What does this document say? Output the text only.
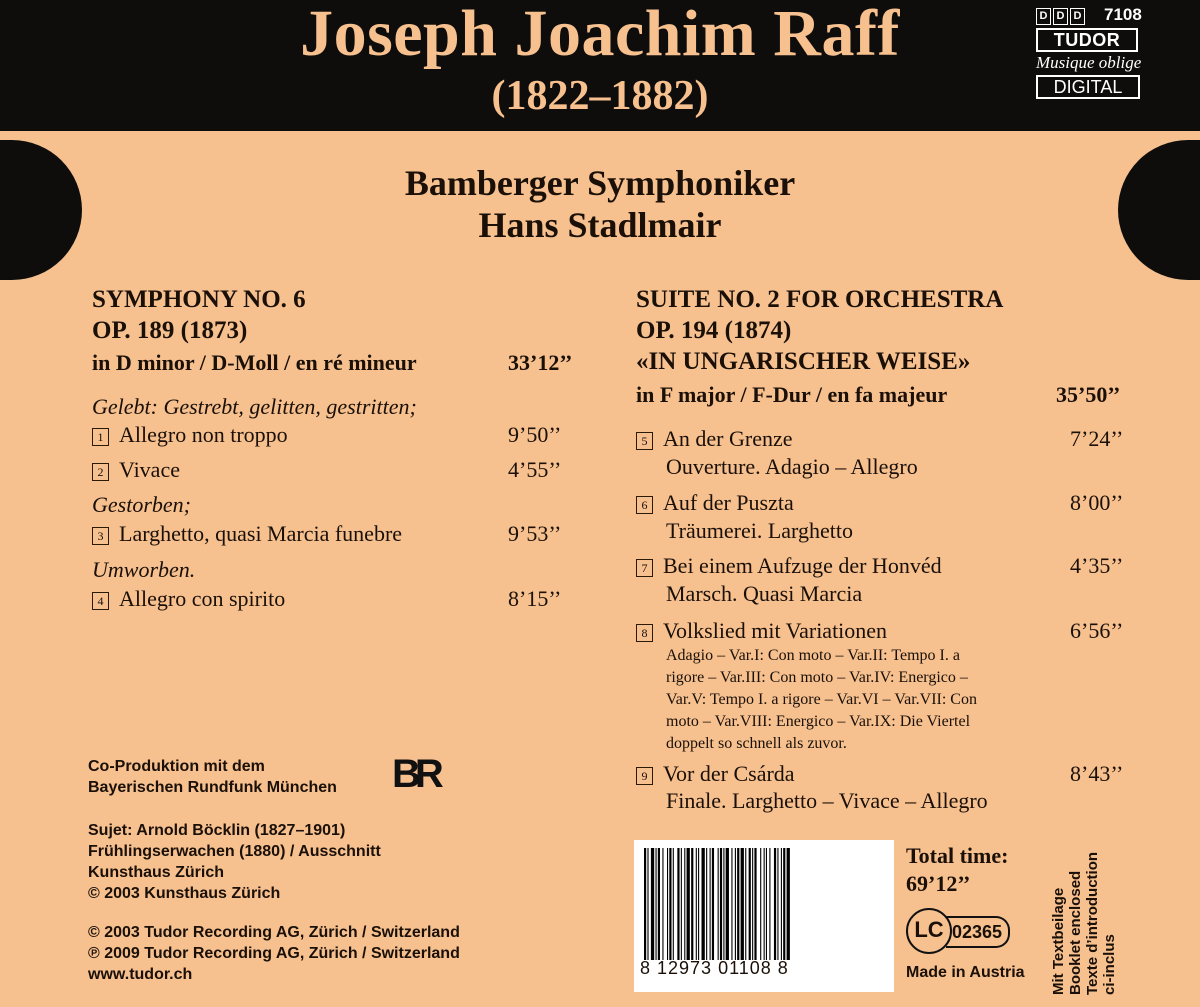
Joseph Joachim Raff
(1822–1882)
D D D	7108
TUDOR
Musique oblige
DIGITAL
Bamberger Symphoniker
Hans Stadlmair
SYMPHONY NO. 6
OP. 189 (1873)
in D minor / D-Moll / en ré mineur	33’12’’
Gelebt: Gestrebt, gelitten, gestritten;
1 Allegro non troppo	9’50’’
2 Vivace	4’55’’
Gestorben;
3 Larghetto, quasi Marcia funebre	9’53’’
Umworben.
4 Allegro con spirito	8’15’’
SUITE NO. 2 FOR ORCHESTRA
OP. 194 (1874)
«IN UNGARISCHER WEISE»
in F major / F-Dur / en fa majeur	35’50’’
5 An der Grenze	7’24’’
Ouverture. Adagio – Allegro
6 Auf der Puszta	8’00’’
Träumerei. Larghetto
7 Bei einem Aufzuge der Honvéd	4’35’’
Marsch. Quasi Marcia
8 Volkslied mit Variationen	6’56’’
Adagio – Var.I: Con moto – Var.II: Tempo I. a
rigore – Var.III: Con moto – Var.IV: Energico –
Var.V: Tempo I. a rigore – Var.VI – Var.VII: Con
moto – Var.VIII: Energico – Var.IX: Die Viertel
doppelt so schnell als zuvor.
9 Vor der Csárda	8’43’’
Finale. Larghetto – Vivace – Allegro
Co-Produktion mit dem
Bayerischen Rundfunk München BR
Sujet: Arnold Böcklin (1827–1901)
Frühlingserwachen (1880) / Ausschnitt
Kunsthaus Zürich
© 2003 Kunsthaus Zürich
© 2003 Tudor Recording AG, Zürich / Switzerland
℗ 2009 Tudor Recording AG, Zürich / Switzerland
www.tudor.ch	8 12973 01108 8
Total time:
69’12’’
LC 02365
Made in Austria Mit Textbeilage Booklet enclosed Texte d’introduction ci-inclus
